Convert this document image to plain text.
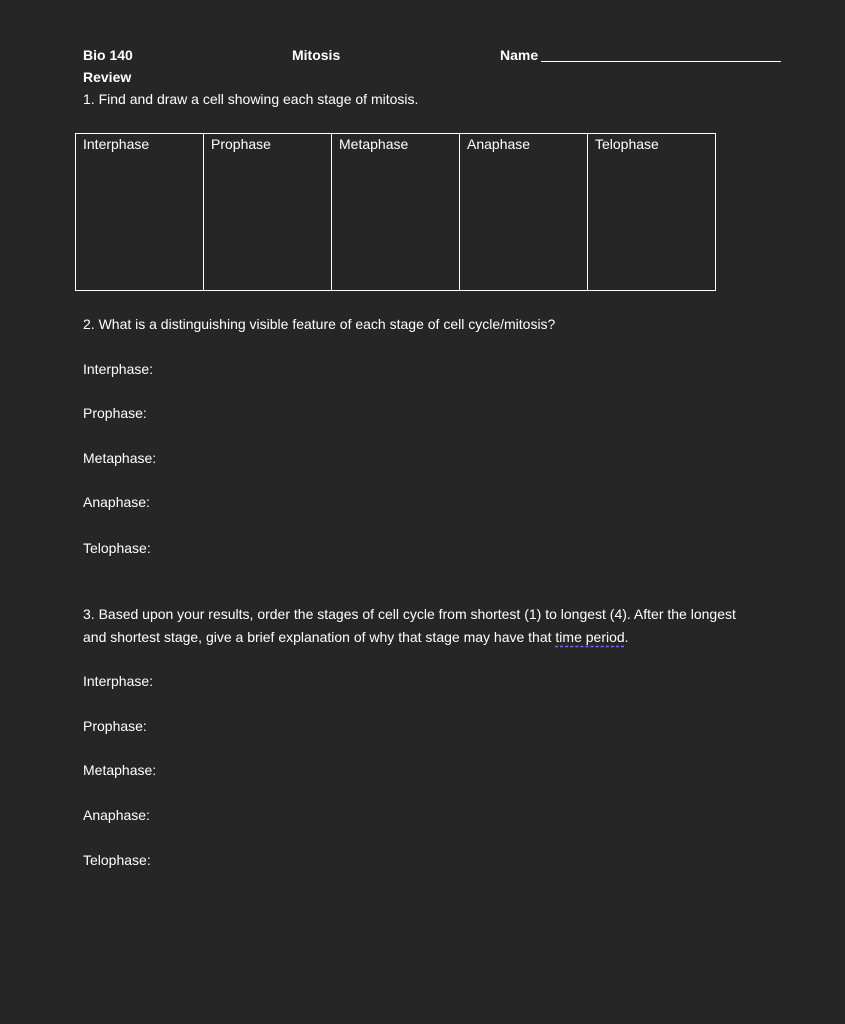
Bio 140	Mitosis	Name
Review
1. Find and draw a cell showing each stage of mitosis.
Interphase	Prophase	Metaphase	Anaphase	Telophase
2. What is a distinguishing visible feature of each stage of cell cycle/mitosis?
Interphase:
Prophase:
Metaphase:
Anaphase:
Telophase:
3. Based upon your results, order the stages of cell cycle from shortest (1) to longest (4). After the longest
and shortest stage, give a brief explanation of why that stage may have that time period.
Interphase:
Prophase:
Metaphase:
Anaphase:
Telophase:
